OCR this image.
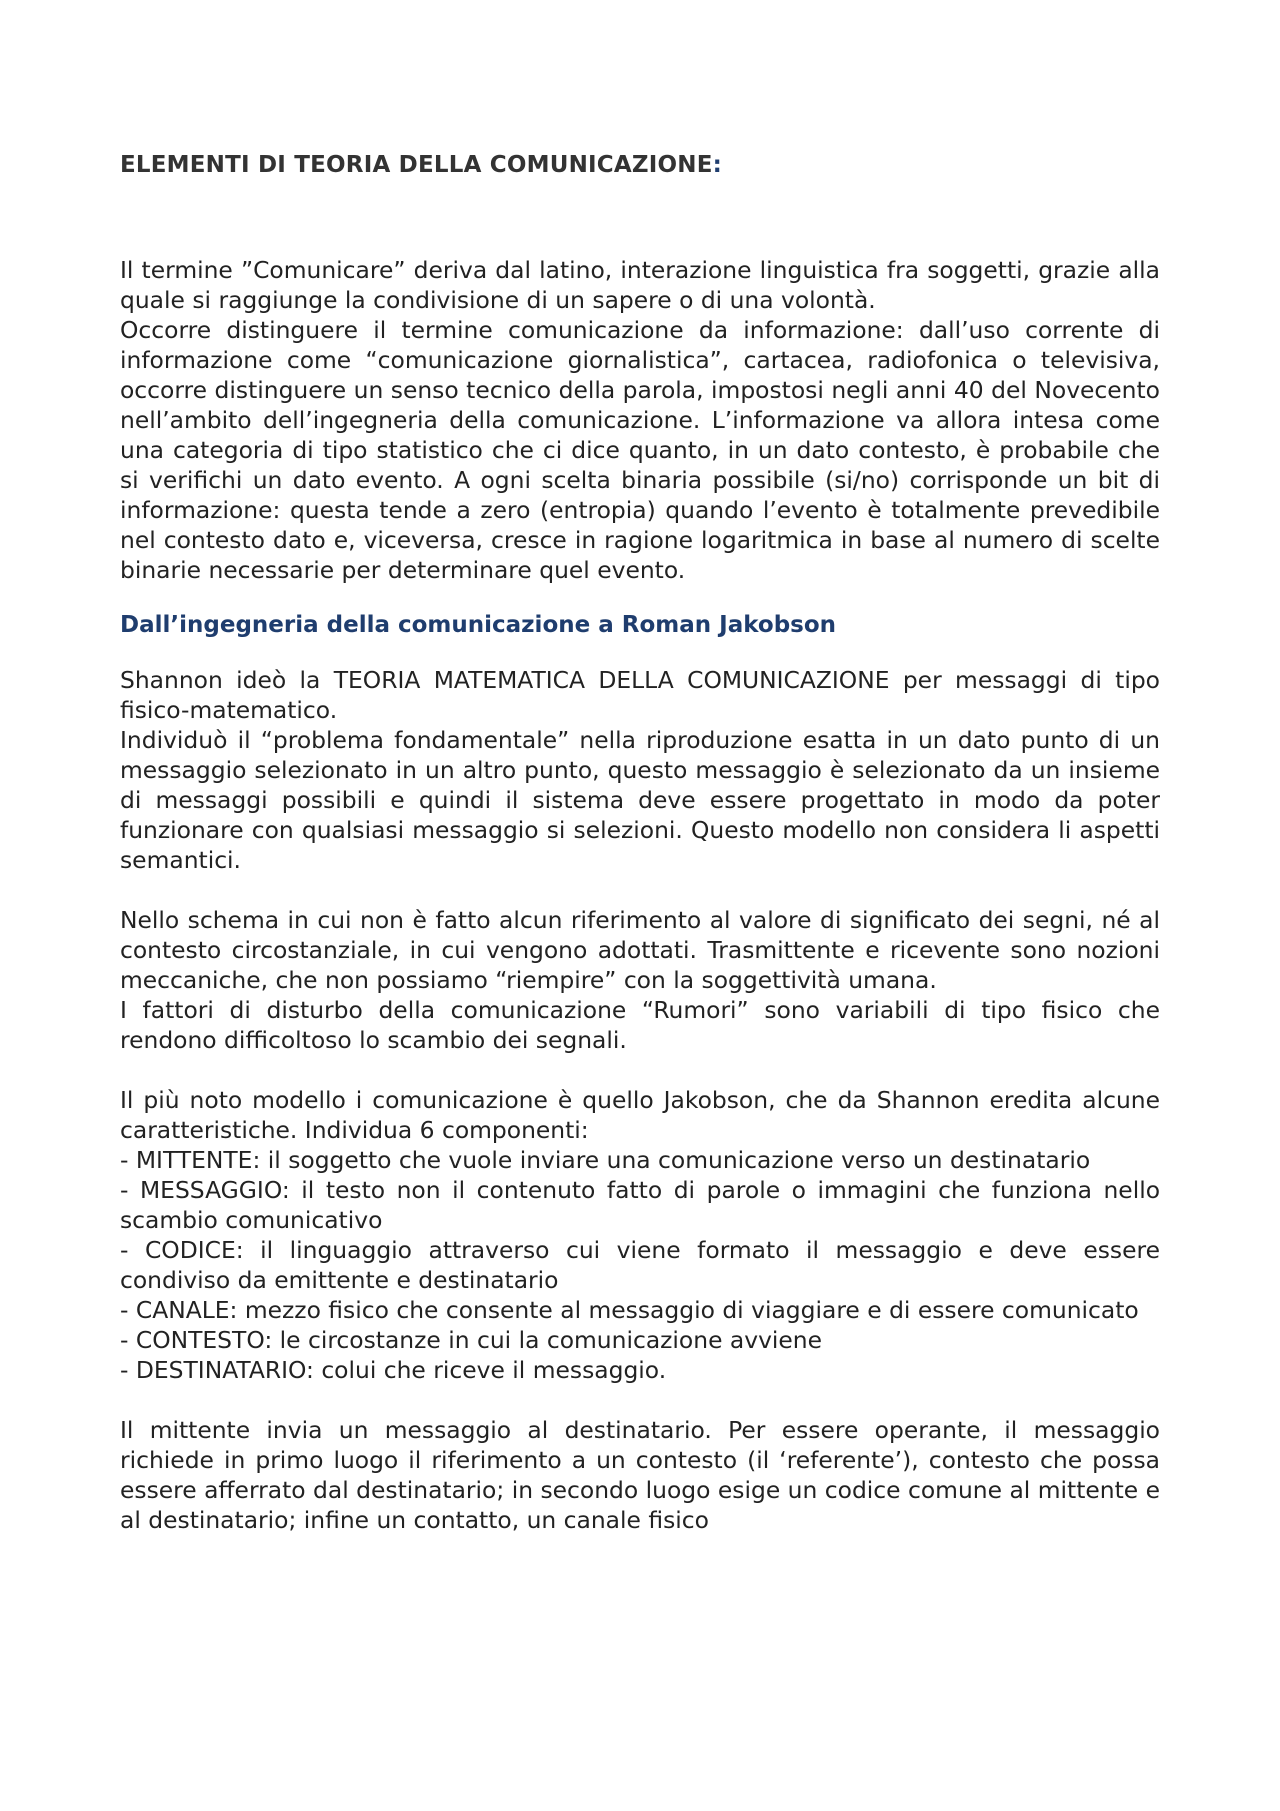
ELEMENTI DI TEORIA DELLA COMUNICAZIONE:

Il termine ”Comunicare” deriva dal latino, interazione linguistica fra soggetti, grazie alla quale si raggiunge la condivisione di un sapere o di una volontà.

Occorre distinguere il termine comunicazione da informazione: dall’uso corrente di informazione come “comunicazione giornalistica”, cartacea, radiofonica o televisiva, occorre distinguere un senso tecnico della parola, impostosi negli anni 40 del Novecento nell’ambito dell’ingegneria della comunicazione. L’informazione va allora intesa come una categoria di tipo statistico che ci dice quanto, in un dato contesto, è probabile che si verifichi un dato evento. A ogni scelta binaria possibile (si/no) corrisponde un bit di informazione: questa tende a zero (entropia) quando l’evento è totalmente prevedibile nel contesto dato e, viceversa, cresce in ragione logaritmica in base al numero di scelte binarie necessarie per determinare quel evento.

Dall’ingegneria della comunicazione a Roman Jakobson

Shannon ideò la TEORIA MATEMATICA DELLA COMUNICAZIONE per messaggi di tipo fisico-matematico.

Individuò il “problema fondamentale” nella riproduzione esatta in un dato punto di un messaggio selezionato in un altro punto, questo messaggio è selezionato da un insieme di messaggi possibili e quindi il sistema deve essere progettato in modo da poter funzionare con qualsiasi messaggio si selezioni. Questo modello non considera li aspetti semantici.

Nello schema in cui non è fatto alcun riferimento al valore di significato dei segni, né al contesto circostanziale, in cui vengono adottati. Trasmittente e ricevente sono nozioni meccaniche, che non possiamo “riempire” con la soggettività umana.

I fattori di disturbo della comunicazione “Rumori” sono variabili di tipo fisico che rendono difficoltoso lo scambio dei segnali.

Il più noto modello i comunicazione è quello Jakobson, che da Shannon eredita alcune caratteristiche. Individua 6 componenti:

- MITTENTE: il soggetto che vuole inviare una comunicazione verso un destinatario

- MESSAGGIO: il testo non il contenuto fatto di parole o immagini che funziona nello scambio comunicativo

- CODICE: il linguaggio attraverso cui viene formato il messaggio e deve essere condiviso da emittente e destinatario

- CANALE: mezzo fisico che consente al messaggio di viaggiare e di essere comunicato

- CONTESTO: le circostanze in cui la comunicazione avviene

- DESTINATARIO: colui che riceve il messaggio.

Il mittente invia un messaggio al destinatario. Per essere operante, il messaggio richiede in primo luogo il riferimento a un contesto (il ‘referente’), contesto che possa essere afferrato dal destinatario; in secondo luogo esige un codice comune al mittente e al destinatario; infine un contatto, un canale fisico
